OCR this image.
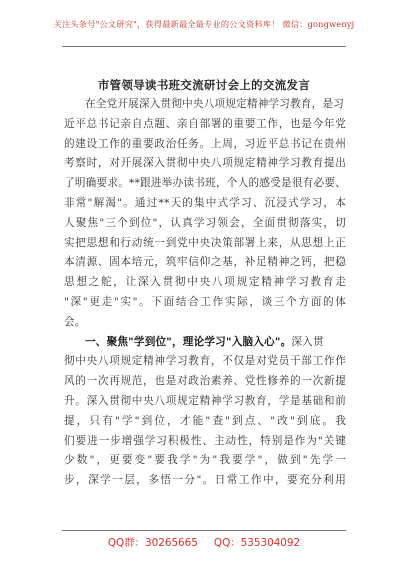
关注头条号"公文研究"，获得最新最全最专业的公文资料库！ 微信：gongwenyj
市管领导读书班交流研讨会上的交流发言
在全党开展深入贯彻中央八项规定精神学习教育，是习
近平总书记亲自点题、亲自部署的重要工作，也是今年党
的建设工作的重要政治任务。上周，习近平总书记在贵州
考察时，对开展深入贯彻中央八项规定精神学习教育提出
了明确要求。**跟进举办读书班，个人的感受是很有必要、
非常"解渴"。通过**天的集中式学习、沉浸式学习，本
人聚焦"三个到位"，认真学习领会，全面贯彻落实，切
实把思想和行动统一到党中央决策部署上来，从思想上正
本清源、固本培元，筑牢信仰之基，补足精神之钙，把稳
思想之舵，让深入贯彻中央八项规定精神学习教育走
"深"更走"实"。下面结合工作实际，谈三个方面的体
会。
一、聚焦"学到位"，理论学习"入脑入心"。深入贯
彻中央八项规定精神学习教育，不仅是对党员干部工作作
风的一次再规范，也是对政治素养、党性修养的一次新提
升。深入贯彻中央八项规定精神学习教育，学是基础和前
提，只有"学"到位，才能"查"到点、"改"到底。我
们要进一步增强学习积极性、主动性，特别是作为"关键
少数"，更要变"要我学"为"我要学"，做到"先学一
步，深学一层，多悟一分"。日常工作中，要充分利用
QQ群：30265665 QQ：535304092
